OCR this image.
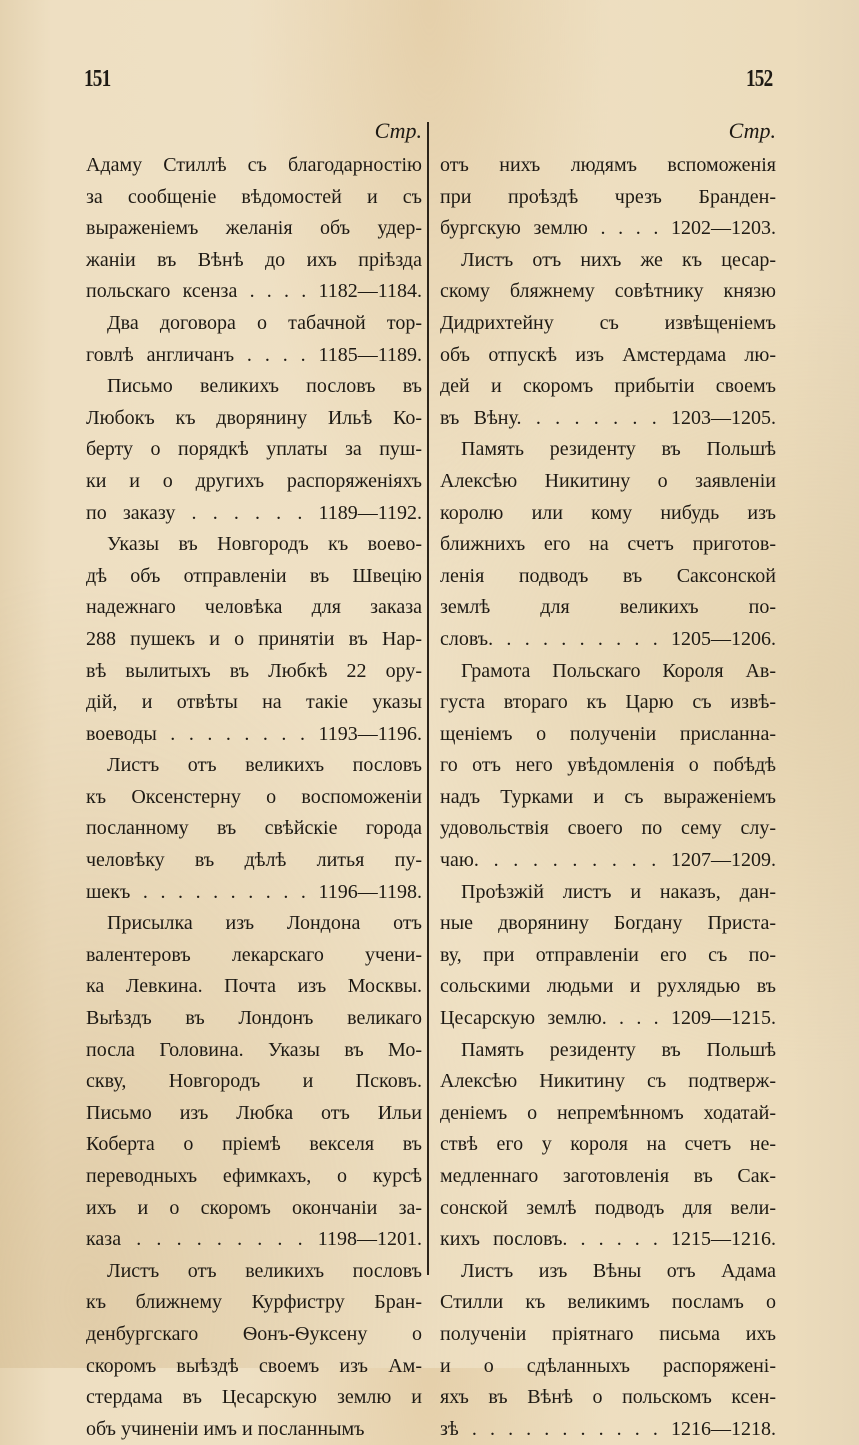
151	152
Стр.
Адаму Стиллѣ съ благодарностію
за сообщеніе вѣдомостей и съ
выраженіемъ желанія объ удер-
жаніи въ Вѣнѣ до ихъ пріѣзда
польскаго ксенза . . . . 1182—1184.
Два договора о табачной тор-
говлѣ англичанъ . . . . 1185—1189.
Письмо великихъ пословъ въ
Любокъ къ дворянину Ильѣ Ко-
берту о порядкѣ уплаты за пуш-
ки и о другихъ распоряженіяхъ
по заказу . . . . . . 1189—1192.
Указы въ Новгородъ къ воево-
дѣ объ отправленіи въ Швецію
надежнаго человѣка для заказа
288 пушекъ и о принятіи въ Нар-
вѣ вылитыхъ въ Любкѣ 22 ору-
дій, и отвѣты на такіе указы
воеводы . . . . . . . . 1193—1196.
Листъ отъ великихъ пословъ
къ Оксенстерну о воспоможеніи
посланному въ свѣйскіе города
человѣку въ дѣлѣ литья пу-
шекъ . . . . . . . . . . 1196—1198.
Присылка изъ Лондона отъ
валентеровъ лекарскаго учени-
ка Левкина. Почта изъ Москвы.
Выѣздъ въ Лондонъ великаго
посла Головина. Указы въ Мо-
скву, Новгородъ и Псковъ.
Письмо изъ Любка отъ Ильи
Коберта о пріемѣ векселя въ
переводныхъ ефимкахъ, о курсѣ
ихъ и о скоромъ окончаніи за-
каза . . . . . . . . . 1198—1201.
Листъ отъ великихъ пословъ
къ ближнему Курфистру Бран-
денбургскаго Ѳонъ-Ѳуксену о
скоромъ выѣздѣ своемъ изъ Ам-
стердама въ Цесарскую землю и
объ учиненіи имъ и посланнымъ
Стр.
отъ нихъ людямъ вспоможенія
при проѣздѣ чрезъ Бранден-
бургскую землю . . . . 1202—1203.
Листъ отъ нихъ же къ цесар-
скому бляжнему совѣтнику князю
Дидрихтейну съ извѣщеніемъ
объ отпускѣ изъ Амстердама лю-
дей и скоромъ прибытіи своемъ
въ Вѣну. . . . . . . . 1203—1205.
Память резиденту въ Польшѣ
Алексѣю Никитину о заявленіи
королю или кому нибудь изъ
ближнихъ его на счетъ приготов-
ленія подводъ въ Саксонской
землѣ для великихъ по-
словъ. . . . . . . . . . 1205—1206.
Грамота Польскаго Короля Ав-
густа втораго къ Царю съ извѣ-
щеніемъ о полученіи присланна-
го отъ него увѣдомленія о побѣдѣ
надъ Турками и съ выраженіемъ
удовольствія своего по сему слу-
чаю. . . . . . . . . . 1207—1209.
Проѣзжій листъ и наказъ, дан-
ные дворянину Богдану Приста-
ву, при отправленіи его съ по-
сольскими людьми и рухлядью въ
Цесарскую землю. . . . 1209—1215.
Память резиденту въ Польшѣ
Алексѣю Никитину съ подтверж-
деніемъ о непремѣнномъ ходатай-
ствѣ его у короля на счетъ не-
медленнаго заготовленія въ Сак-
сонской землѣ подводъ для вели-
кихъ пословъ. . . . . . 1215—1216.
Листъ изъ Вѣны отъ Адама
Стилли къ великимъ посламъ о
полученіи пріятнаго письма ихъ
и о сдѣланныхъ распоряжені-
яхъ въ Вѣнѣ о польскомъ ксен-
зѣ . . . . . . . . . . . 1216—1218.
